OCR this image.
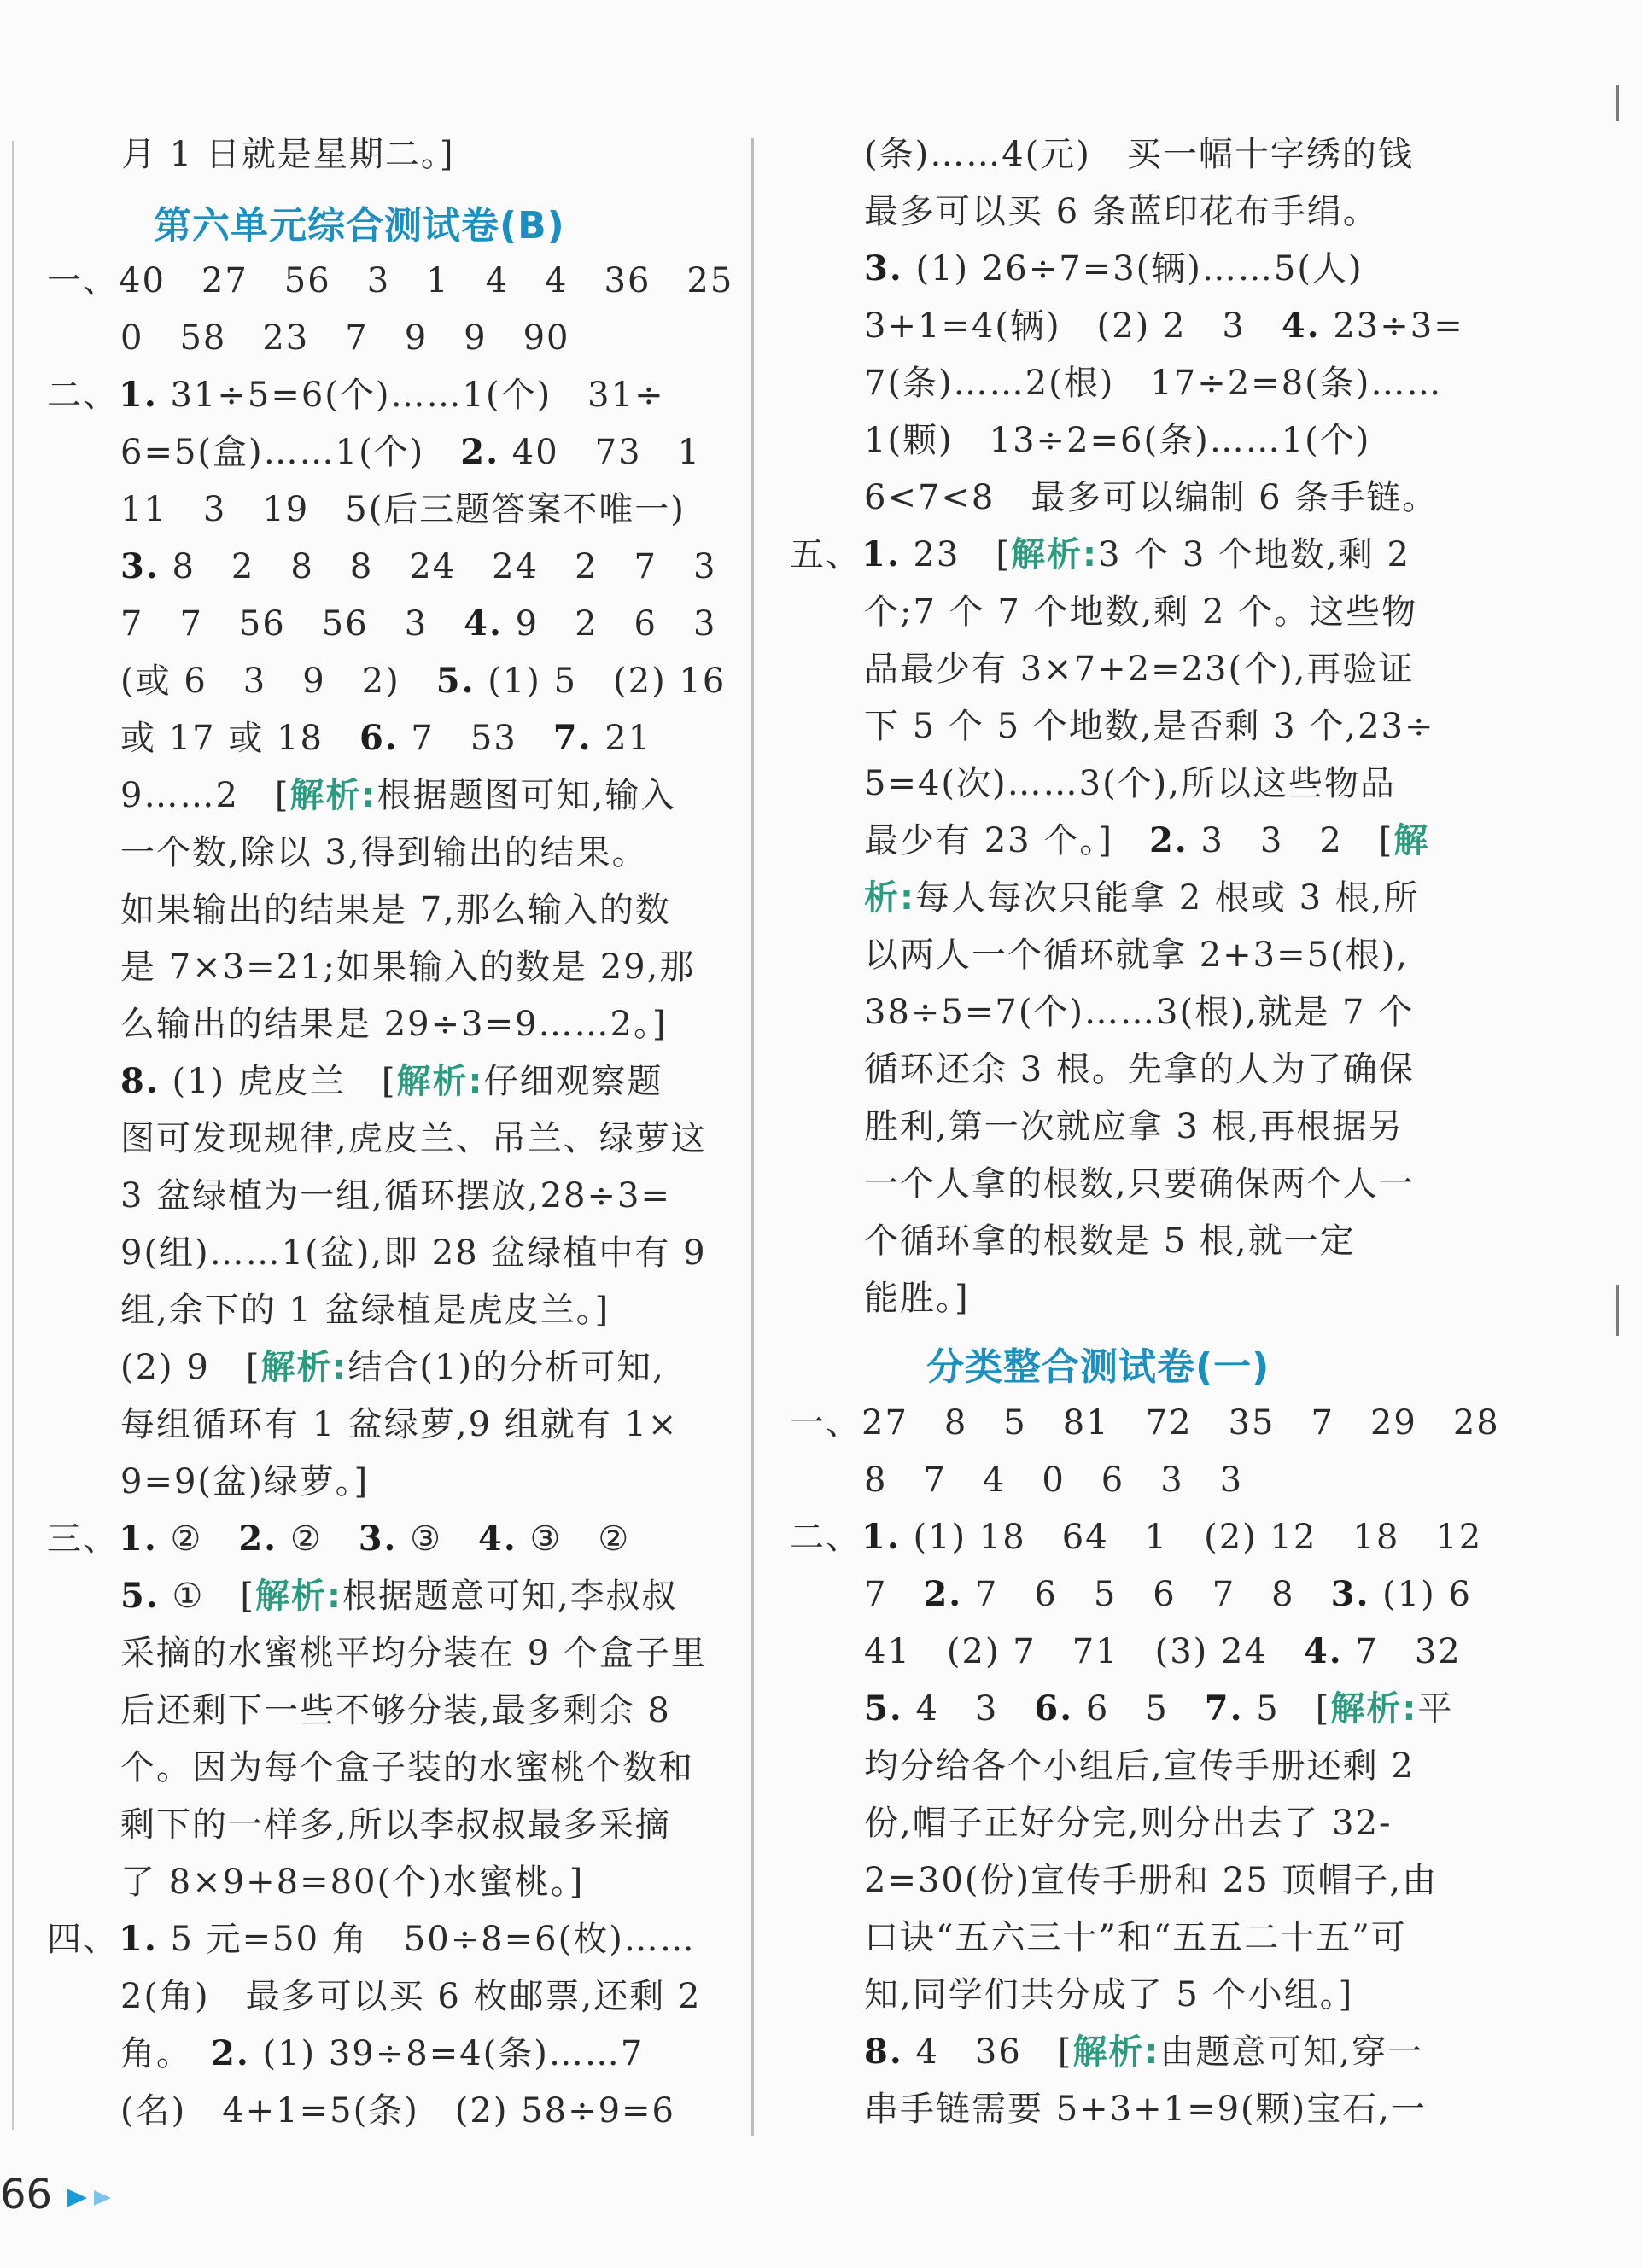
月 1 日就是星期二。]
第六单元综合测试卷(B)
一、40　27　56　3　1　4　4　36　25
0　58　23　7　9　9　90
二、1. 31÷5=6(个)……1(个)　31÷
6=5(盒)……1(个)　2. 40　73　1
11　3　19　5(后三题答案不唯一)
3. 8　2　8　8　24　24　2　7　3
7　7　56　56　3　4. 9　2　6　3
(或 6　3　9　2)　5. (1) 5　(2) 16
或 17 或 18　6. 7　53　7. 21
9……2　[解析:根据题图可知,输入
一个数,除以 3,得到输出的结果。
如果输出的结果是 7,那么输入的数
是 7×3=21;如果输入的数是 29,那
么输出的结果是 29÷3=9……2。]
8. (1) 虎皮兰　[解析:仔细观察题
图可发现规律,虎皮兰、吊兰、绿萝这
3 盆绿植为一组,循环摆放,28÷3=
9(组)……1(盆),即 28 盆绿植中有 9
组,余下的 1 盆绿植是虎皮兰。]
(2) 9　[解析:结合(1)的分析可知,
每组循环有 1 盆绿萝,9 组就有 1×
9=9(盆)绿萝。]
三、1. ②　2. ②　3. ③　4. ③　②
5. ①　[解析:根据题意可知,李叔叔
采摘的水蜜桃平均分装在 9 个盒子里
后还剩下一些不够分装,最多剩余 8
个。因为每个盒子装的水蜜桃个数和
剩下的一样多,所以李叔叔最多采摘
了 8×9+8=80(个)水蜜桃。]
四、1. 5 元=50 角　50÷8=6(枚)……
2(角)　最多可以买 6 枚邮票,还剩 2
角。　2. (1) 39÷8=4(条)……7
(名)　4+1=5(条)　(2) 58÷9=6
(条)……4(元)　买一幅十字绣的钱
最多可以买 6 条蓝印花布手绢。
3. (1) 26÷7=3(辆)……5(人)
3+1=4(辆)　(2) 2　3　4. 23÷3=
7(条)……2(根)　17÷2=8(条)……
1(颗)　13÷2=6(条)……1(个)
6<7<8　最多可以编制 6 条手链。
五、1. 23　[解析:3 个 3 个地数,剩 2
个;7 个 7 个地数,剩 2 个。这些物
品最少有 3×7+2=23(个),再验证
下 5 个 5 个地数,是否剩 3 个,23÷
5=4(次)……3(个),所以这些物品
最少有 23 个。]　2. 3　3　2　[解
析:每人每次只能拿 2 根或 3 根,所
以两人一个循环就拿 2+3=5(根),
38÷5=7(个)……3(根),就是 7 个
循环还余 3 根。先拿的人为了确保
胜利,第一次就应拿 3 根,再根据另
一个人拿的根数,只要确保两个人一
个循环拿的根数是 5 根,就一定
能胜。]
分类整合测试卷(一)
一、27　8　5　81　72　35　7　29　28
8　7　4　0　6　3　3
二、1. (1) 18　64　1　(2) 12　18　12
7　2. 7　6　5　6　7　8　3. (1) 6
41　(2) 7　71　(3) 24　4. 7　32
5. 4　3　6. 6　5　7. 5　[解析:平
均分给各个小组后,宣传手册还剩 2
份,帽子正好分完,则分出去了 32-
2=30(份)宣传手册和 25 顶帽子,由
口诀“五六三十”和“五五二十五”可
知,同学们共分成了 5 个小组。]
8. 4　36　[解析:由题意可知,穿一
串手链需要 5+3+1=9(颗)宝石,一
66
